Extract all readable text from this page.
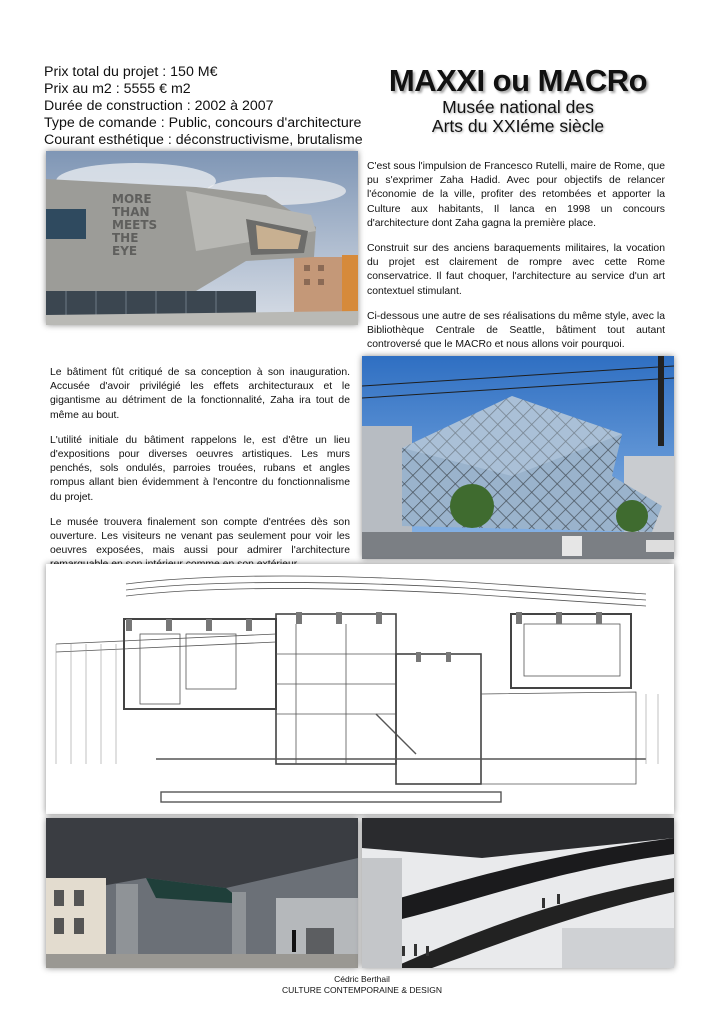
Prix total du projet : 150 M€
Prix au m2 : 5555 € m2
Durée de construction : 2002 à 2007
Type de comande : Public, concours d'architecture
Courant esthétique : déconstructivisme, brutalisme
MAXXI ou MACRo
Musée national des
Arts du XXIéme siècle
MORE
THAN
MEETS
THE
EYE

C'est sous l'impulsion de Francesco Rutelli, maire de Rome, que pu s'exprimer Zaha Hadid. Avec pour objectifs de relancer l'économie de la ville, profiter des retombées et apporter la Culture aux habitants, Il lanca en 1998 un concours d'architecture dont Zaha gagna la première place.

Construit sur des anciens baraquements militaires, la vocation du projet est clairement de rompre avec cette Rome conservatrice. Il faut choquer, l'architecture au service d'un art contextuel stimulant.

Ci-dessous une autre de ses réalisations du même style, avec la Bibliothèque Centrale de Seattle, bâtiment tout autant controversé que le MACRo et nous allons voir pourquoi.

Le bâtiment fût critiqué de sa conception à son inauguration. Accusée d'avoir privilégié les effets architecturaux et le gigantisme au détriment de la fonctionnalité, Zaha ira tout de même au bout.

L'utilité initiale du bâtiment rappelons le, est d'être un lieu d'expositions pour diverses oeuvres artistiques. Les murs penchés, sols ondulés, parroies trouées, rubans et angles rompus allant bien évidemment à l'encontre du fonctionnalisme du projet.

Le musée trouvera finalement son compte d'entrées dès son ouverture. Les visiteurs ne venant pas seulement pour voir les oeuvres exposées, mais aussi pour admirer l'architecture

Cédric Berthail
CULTURE CONTEMPORAINE & DESIGN
